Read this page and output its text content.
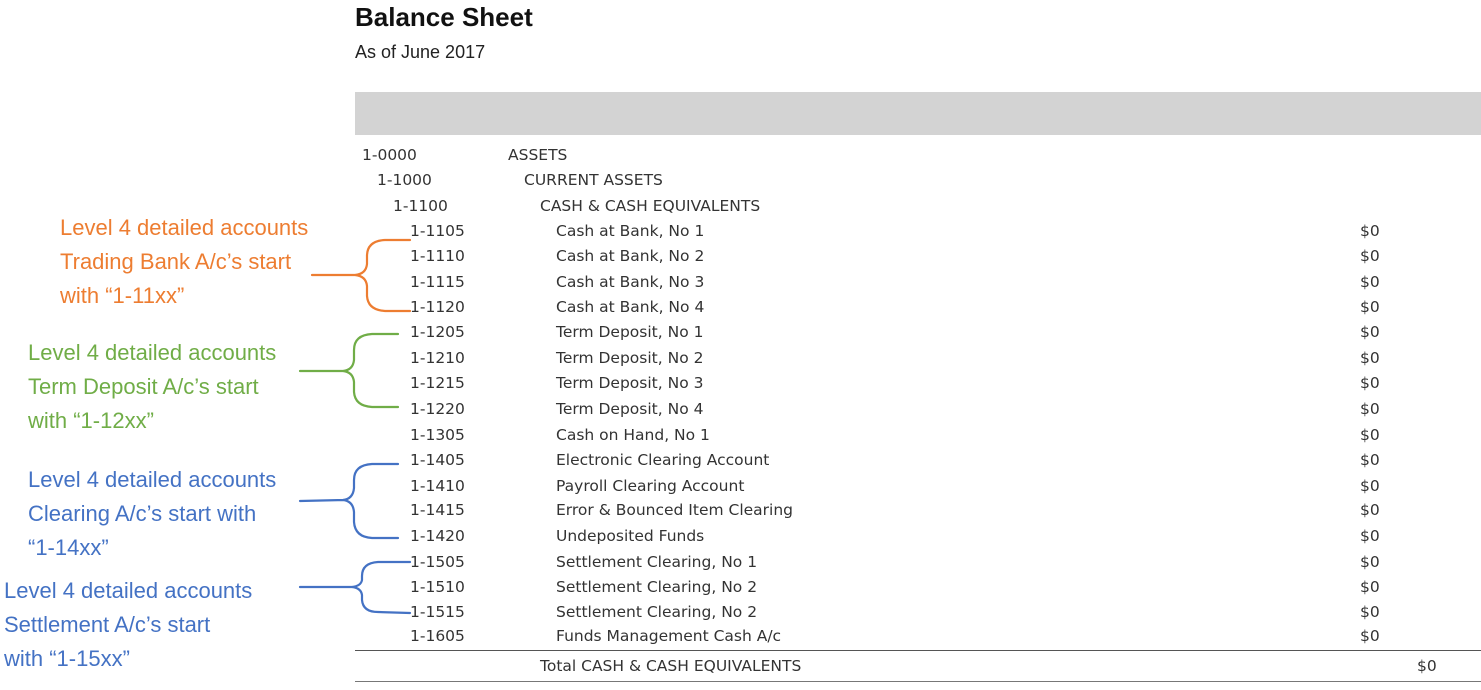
Balance Sheet
As of June 2017
1-0000	ASSETS
1-1000	CURRENT ASSETS
1-1100	CASH & CASH EQUIVALENTS
1-1105	Cash at Bank, No 1	$0
1-1110	Cash at Bank, No 2	$0
1-1115	Cash at Bank, No 3	$0
1-1120	Cash at Bank, No 4	$0
1-1205	Term Deposit, No 1	$0
1-1210	Term Deposit, No 2	$0
1-1215	Term Deposit, No 3	$0
1-1220	Term Deposit, No 4	$0
1-1305	Cash on Hand, No 1	$0
1-1405	Electronic Clearing Account	$0
1-1410	Payroll Clearing Account	$0
1-1415	Error & Bounced Item Clearing	$0
1-1420	Undeposited Funds	$0
1-1505	Settlement Clearing, No 1	$0
1-1510	Settlement Clearing, No 2	$0
1-1515	Settlement Clearing, No 2	$0
1-1605	Funds Management Cash A/c	$0
Total CASH & CASH EQUIVALENTS	$0
Level 4 detailed accounts
Trading Bank A/c’s start
with “1-11xx”
Level 4 detailed accounts
Term Deposit A/c’s start
with “1-12xx”
Level 4 detailed accounts
Clearing A/c’s start with
“1-14xx”
Level 4 detailed accounts
Settlement A/c’s start
with “1-15xx”
